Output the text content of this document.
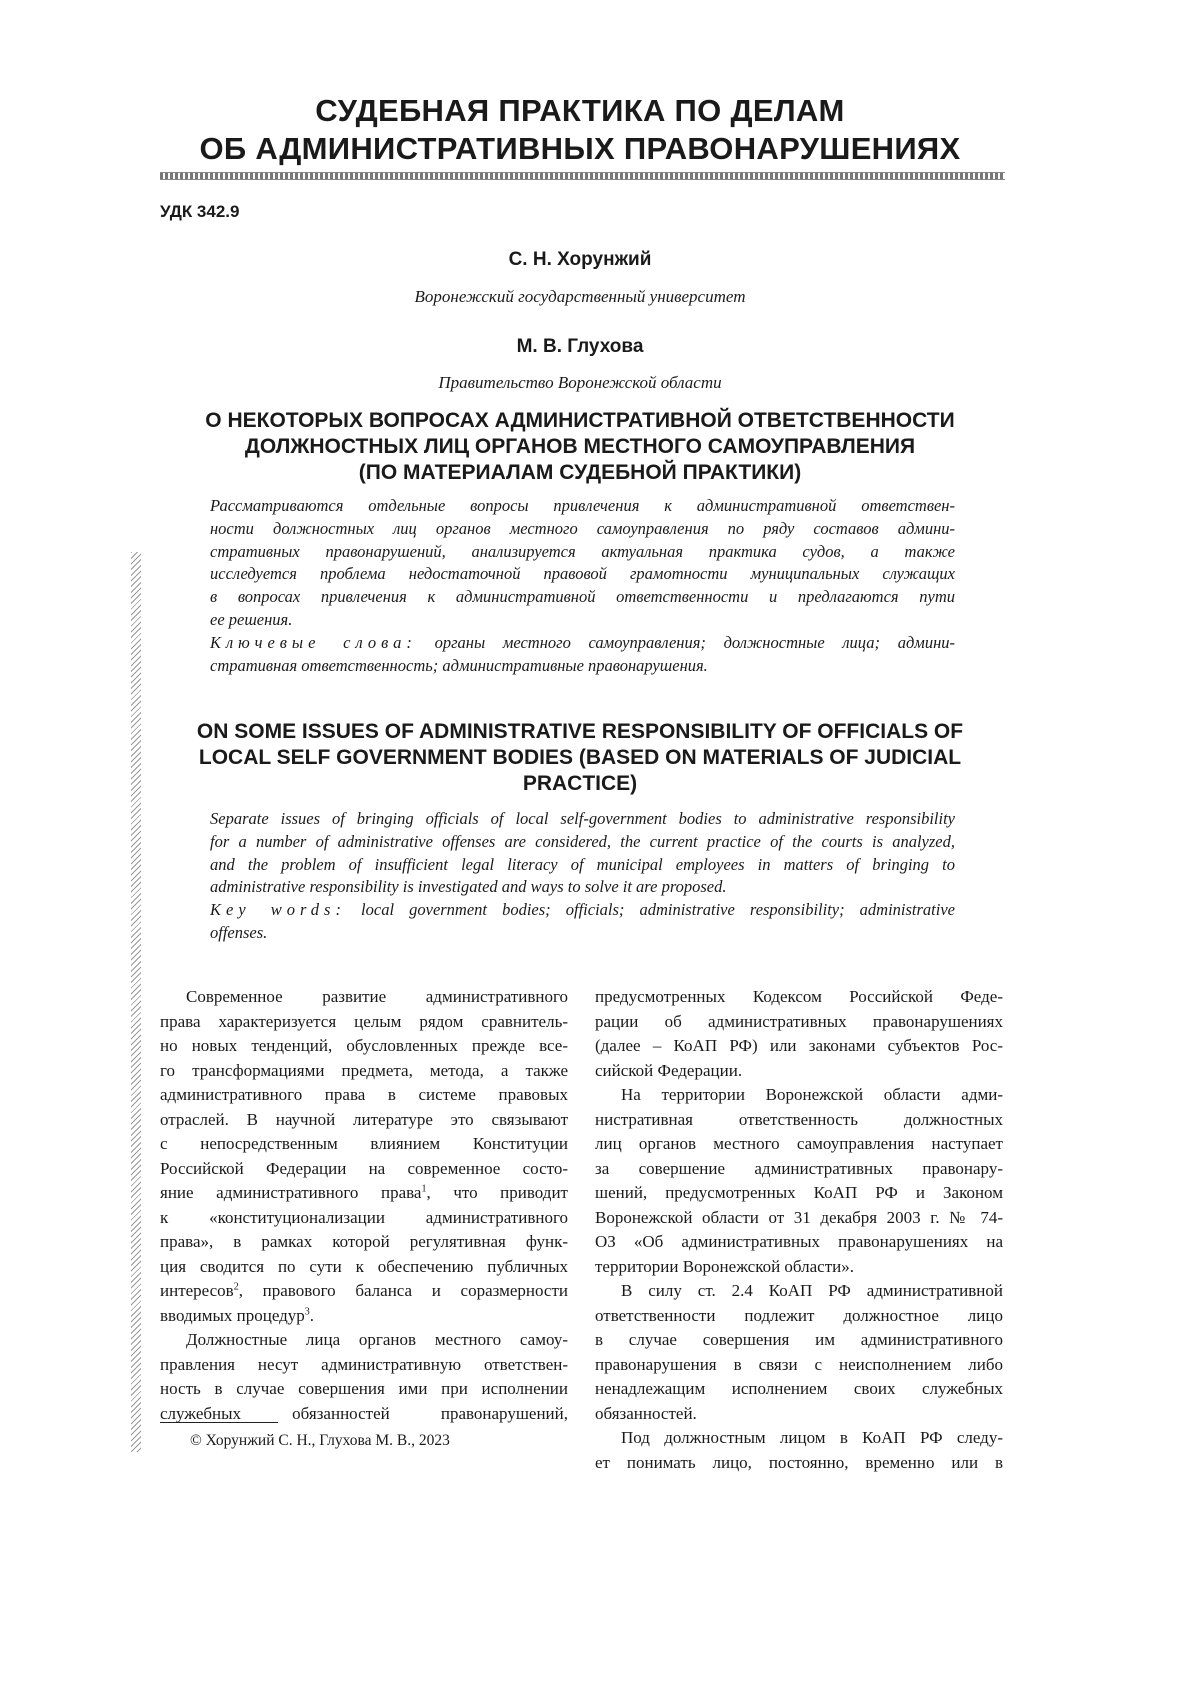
СУДЕБНАЯ ПРАКТИКА ПО ДЕЛАМ
ОБ АДМИНИСТРАТИВНЫХ ПРАВОНАРУШЕНИЯХ
УДК 342.9
С. Н. Хорунжий
Воронежский государственный университет
М. В. Глухова
Правительство Воронежской области
О НЕКОТОРЫХ ВОПРОСАХ АДМИНИСТРАТИВНОЙ ОТВЕТСТВЕННОСТИ
ДОЛЖНОСТНЫХ ЛИЦ ОРГАНОВ МЕСТНОГО САМОУПРАВЛЕНИЯ
(ПО МАТЕРИАЛАМ СУДЕБНОЙ ПРАКТИКИ)
Рассматриваются отдельные вопросы привлечения к административной ответствен-
ности должностных лиц органов местного самоуправления по ряду составов админи-
стративных правонарушений, анализируется актуальная практика судов, а также
исследуется проблема недостаточной правовой грамотности муниципальных служащих
в вопросах привлечения к административной ответственности и предлагаются пути
ее решения.
Ключевые слова: органы местного самоуправления; должностные лица; админи-
стративная ответственность; административные правонарушения.
ON SOME ISSUES OF ADMINISTRATIVE RESPONSIBILITY OF OFFICIALS OF
LOCAL SELF GOVERNMENT BODIES (BASED ON MATERIALS OF JUDICIAL
PRACTICE)
Separate issues of bringing officials of local self-government bodies to administrative responsibility
for a number of administrative offenses are considered, the current practice of the courts is analyzed,
and the problem of insufficient legal literacy of municipal employees in matters of bringing to
administrative responsibility is investigated and ways to solve it are proposed.
Key words: local government bodies; officials; administrative responsibility; administrative
offenses.
Современное развитие административного
права характеризуется целым рядом сравнитель-
но новых тенденций, обусловленных прежде все-
го трансформациями предмета, метода, а также
административного права в системе правовых
отраслей. В научной литературе это связывают
с непосредственным влиянием Конституции
Российской Федерации на современное состо-
яние административного права1, что приводит
к «конституционализации административного
права», в рамках которой регулятивная функ-
ция сводится по сути к обеспечению публичных
интересов2, правового баланса и соразмерности
вводимых процедур3.
Должностные лица органов местного самоу-
правления несут административную ответствен-
ность в случае совершения ими при исполнении
служебных обязанностей правонарушений,
предусмотренных Кодексом Российской Феде-
рации об административных правонарушениях
(далее – КоАП РФ) или законами субъектов Рос-
сийской Федерации.
На территории Воронежской области адми-
нистративная ответственность должностных
лиц органов местного самоуправления наступает
за совершение административных правонару-
шений, предусмотренных КоАП РФ и Законом
Воронежской области от 31 декабря 2003 г. № 74-
ОЗ «Об административных правонарушениях на
территории Воронежской области».
В силу ст. 2.4 КоАП РФ административной
ответственности подлежит должностное лицо
в случае совершения им административного
правонарушения в связи с неисполнением либо
ненадлежащим исполнением своих служебных
обязанностей.
Под должностным лицом в КоАП РФ следу-
ет понимать лицо, постоянно, временно или в
© Хорунжий С. Н., Глухова М. В., 2023
